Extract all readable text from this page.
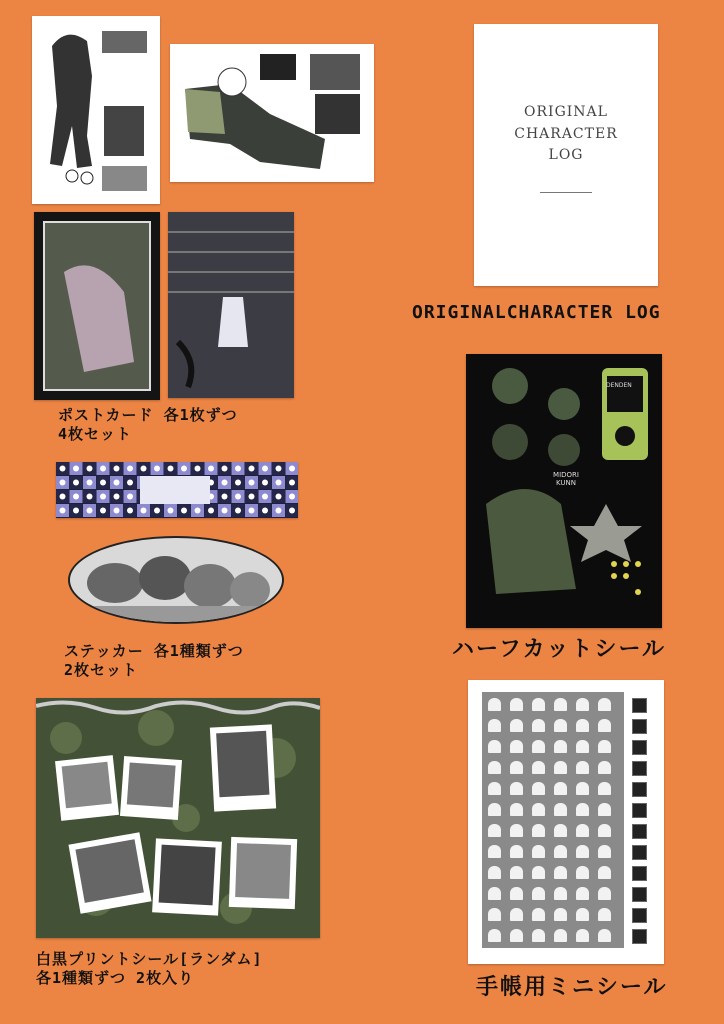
ORIGINAL
CHARACTER
LOG
ORIGINALCHARACTER LOG
ポストカード 各1枚ずつ
4枚セット
ステッカー 各1種類ずつ
2枚セット
DENDEN
MIDORI KUNN
ハーフカットシール
白黒プリントシール[ランダム]
各1種類ずつ 2枚入り	手帳用ミニシール
